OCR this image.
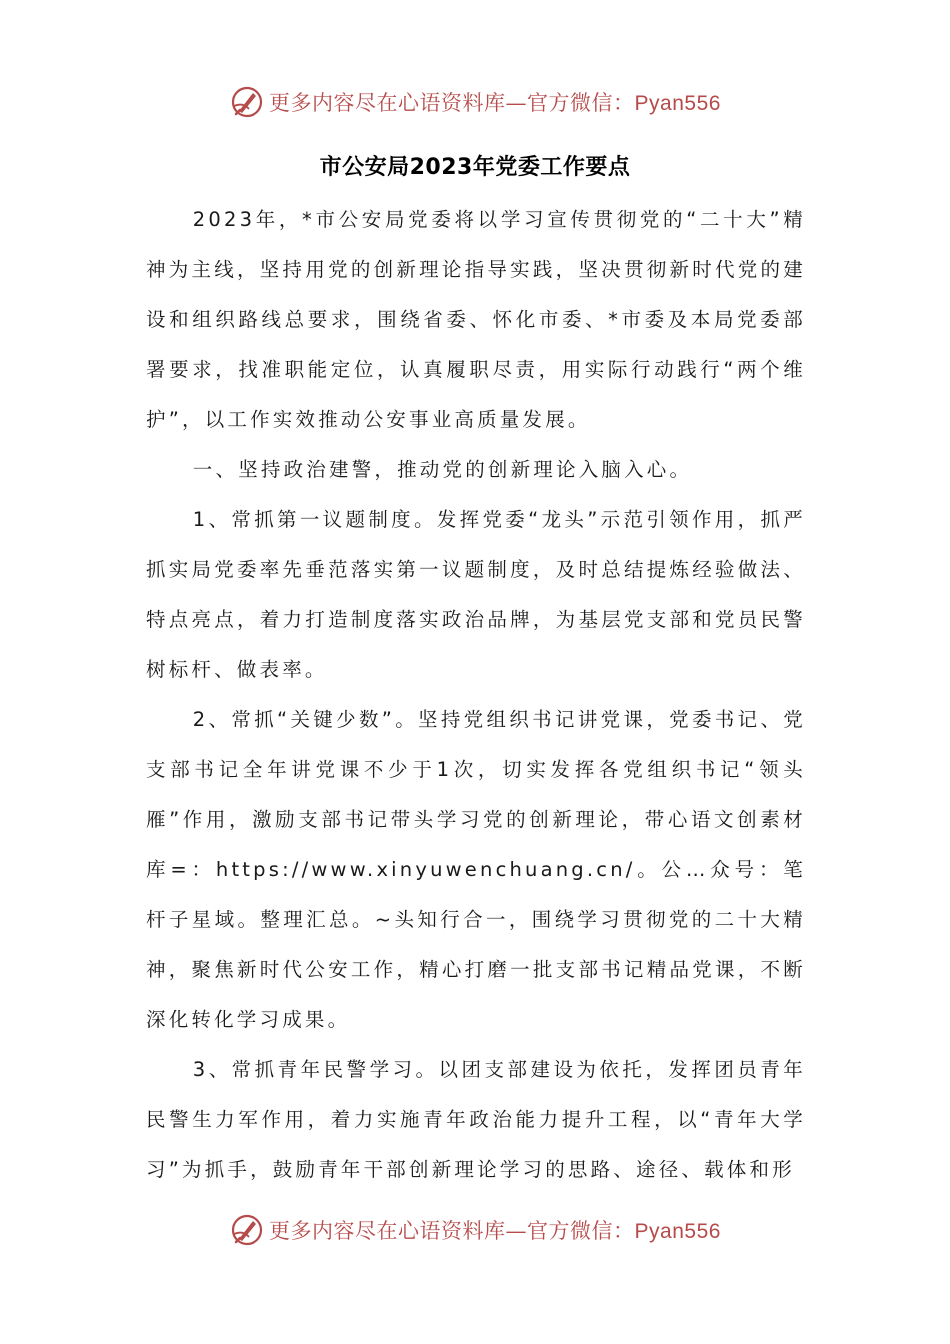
更多内容尽在心语资料库—官方微信：Pyan556
市公安局2023年党委工作要点

2023年，*市公安局党委将以学习宣传贯彻党的“二十大”精神为主线，坚持用党的创新理论指导实践，坚决贯彻新时代党的建设和组织路线总要求，围绕省委、怀化市委、*市委及本局党委部署要求，找准职能定位，认真履职尽责，用实际行动践行“两个维护”，以工作实效推动公安事业高质量发展。

一、坚持政治建警，推动党的创新理论入脑入心。

1、常抓第一议题制度。发挥党委“龙头”示范引领作用，抓严抓实局党委率先垂范落实第一议题制度，及时总结提炼经验做法、特点亮点，着力打造制度落实政治品牌，为基层党支部和党员民警树标杆、做表率。

2、常抓“关键少数”。坚持党组织书记讲党课，党委书记、党支部书记全年讲党课不少于1次，切实发挥各党组织书记“领头雁”作用，激励支部书记带头学习党的创新理论，带心语文创素材库=：https://www.xinyuwenchuang.cn/。公…众号：笔杆子星域。整理汇总。~头知行合一，围绕学习贯彻党的二十大精神，聚焦新时代公安工作，精心打磨一批支部书记精品党课，不断深化转化学习成果。

3、常抓青年民警学习。以团支部建设为依托，发挥团员青年民警生力军作用，着力实施青年政治能力提升工程，以“青年大学习”为抓手，鼓励青年干部创新理论学习的思路、途径、载体和形

更多内容尽在心语资料库—官方微信：Pyan556
